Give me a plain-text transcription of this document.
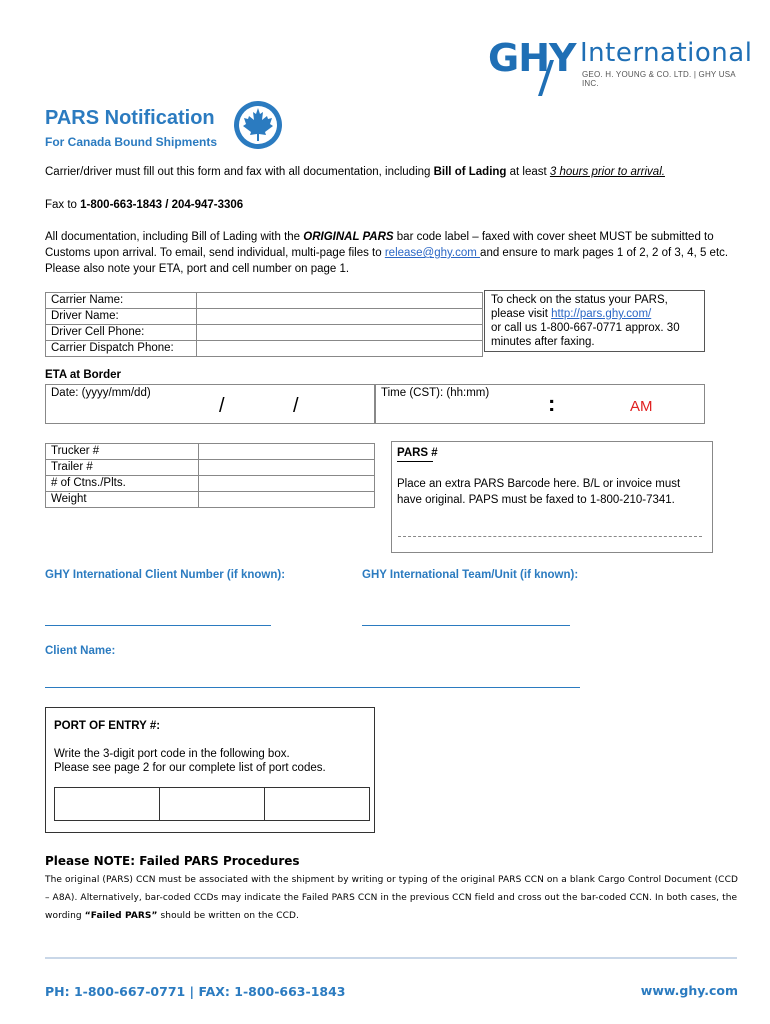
GHY International
GEO. H. YOUNG & CO. LTD. | GHY USA INC.
PARS Notification
For Canada Bound Shipments
Carrier/driver must fill out this form and fax with all documentation, including Bill of Lading at least 3 hours prior to arrival.
Fax to 1-800-663-1843 / 204-947-3306
All documentation, including Bill of Lading with the ORIGINAL PARS bar code label – faxed with cover sheet MUST be submitted to Customs upon arrival. To email, send individual, multi-page files to release@ghy.com and ensure to mark pages 1 of 2, 2 of 3, 4, 5 etc. Please also note your ETA, port and cell number on page 1.
Carrier Name:	
Driver Name:	
Driver Cell Phone:	
Carrier Dispatch Phone:	
To check on the status your PARS,
please visit http://pars.ghy.com/
or call us 1-800-667-0771 approx. 30 minutes after faxing.
ETA at Border
Date: (yyyy/mm/dd)
/	/
Time (CST): (hh:mm)	:	AM
Trucker #	
Trailer #	
# of Ctns./Plts.	
Weight	
PARS #
Place an extra PARS Barcode here. B/L or invoice must have original. PAPS must be faxed to 1-800-210-7341.
GHY International Client Number (if known):	GHY International Team/Unit (if known):
Client Name:
PORT OF ENTRY #:
Write the 3-digit port code in the following box.
Please see page 2 for our complete list of port codes.
Please NOTE: Failed PARS Procedures
The original (PARS) CCN must be associated with the shipment by writing or typing of the original PARS CCN on a blank Cargo Control Document (CCD – A8A). Alternatively, bar-coded CCDs may indicate the Failed PARS CCN in the previous CCN field and cross out the bar-coded CCN. In both cases, the wording “Failed PARS” should be written on the CCD.
PH: 1-800-667-0771 | FAX: 1-800-663-1843	www.ghy.com
